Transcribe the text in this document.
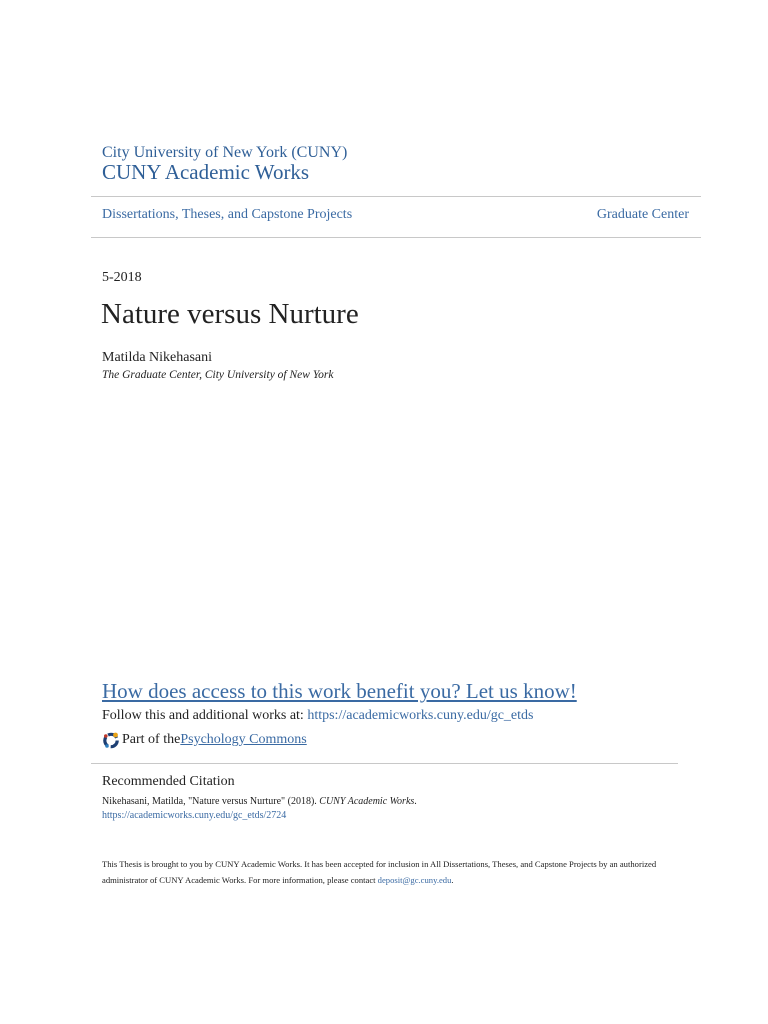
City University of New York (CUNY)
CUNY Academic Works
Dissertations, Theses, and Capstone Projects	Graduate Center
5-2018
Nature versus Nurture
Matilda Nikehasani
The Graduate Center, City University of New York
How does access to this work benefit you? Let us know!
Follow this and additional works at: https://academicworks.cuny.edu/gc_etds
Part of the Psychology Commons
Recommended Citation
Nikehasani, Matilda, "Nature versus Nurture" (2018). CUNY Academic Works.
https://academicworks.cuny.edu/gc_etds/2724
This Thesis is brought to you by CUNY Academic Works. It has been accepted for inclusion in All Dissertations, Theses, and Capstone Projects by an authorized administrator of CUNY Academic Works. For more information, please contact deposit@gc.cuny.edu.
